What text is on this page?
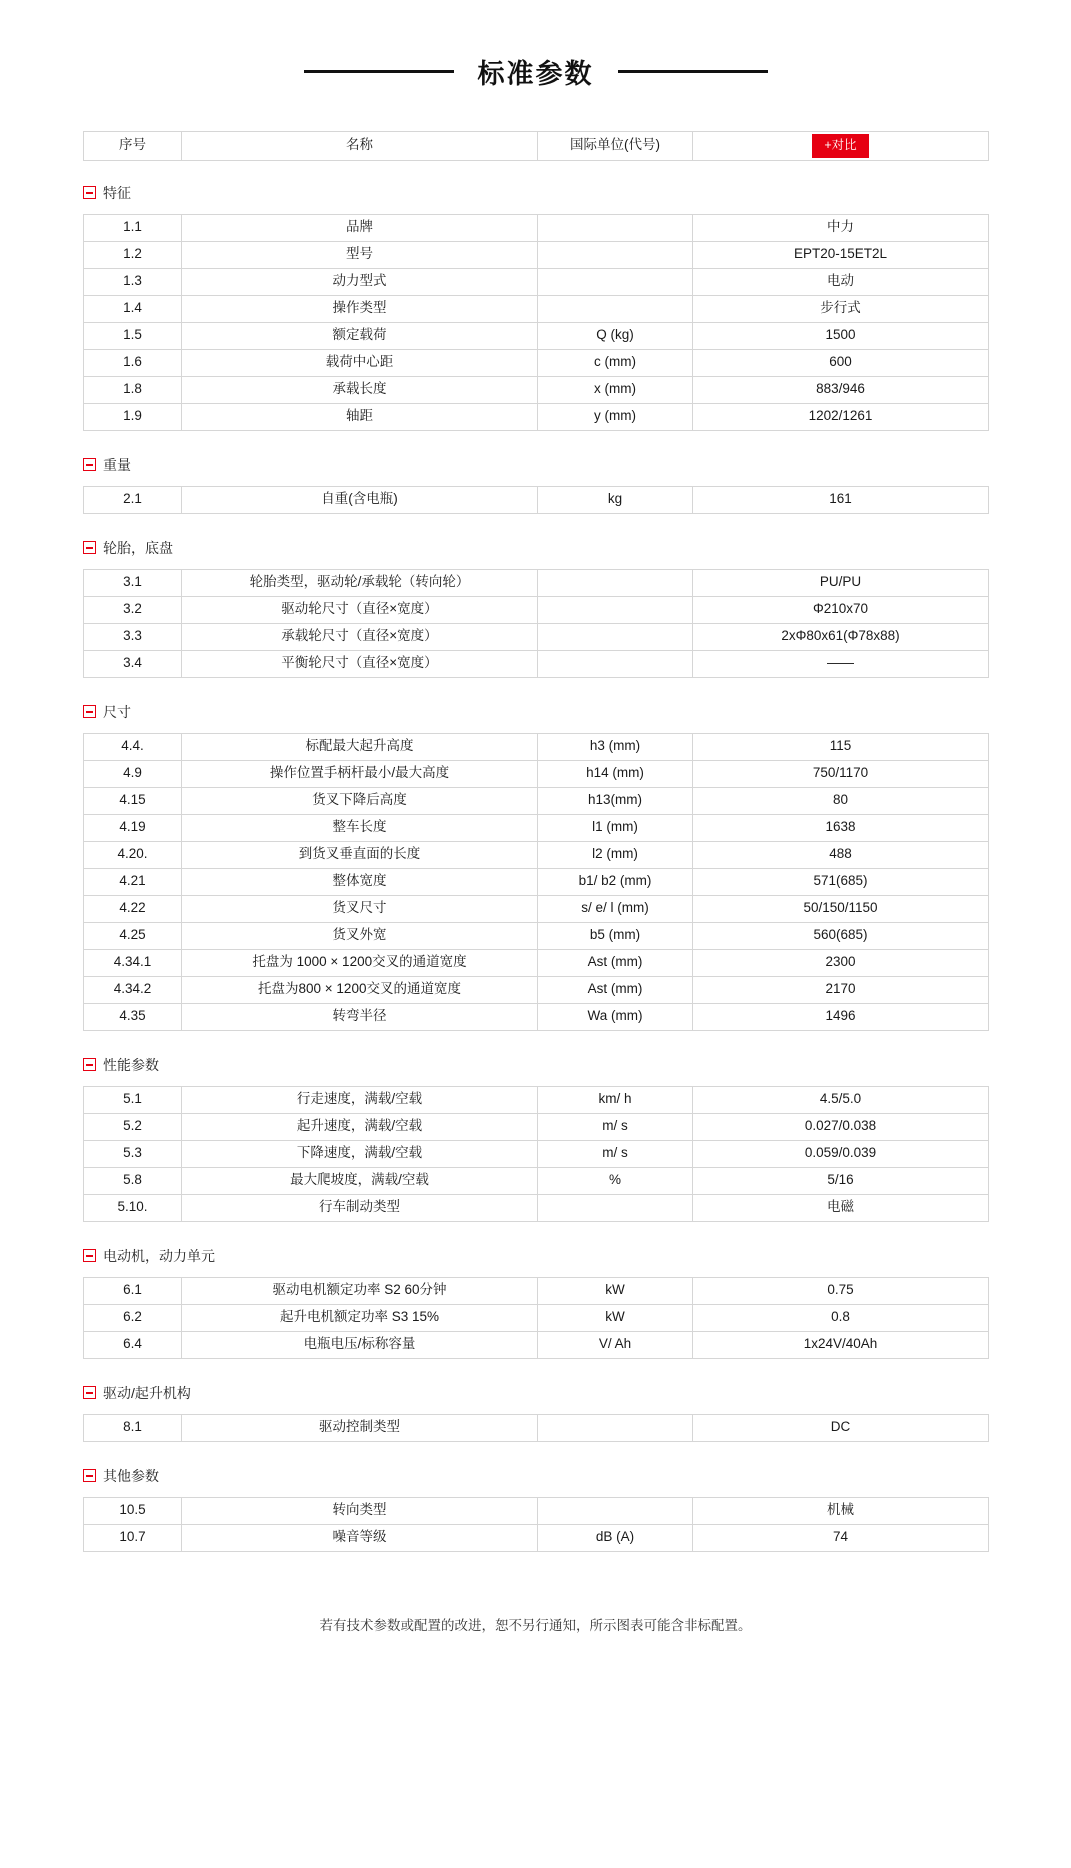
标准参数
序号	名称	国际单位(代号)	+对比
特征
1.1	品牌		中力
1.2	型号		EPT20-15ET2L
1.3	动力型式		电动
1.4	操作类型		步行式
1.5	额定载荷	Q (kg)	1500
1.6	载荷中心距	c (mm)	600
1.8	承载长度	x (mm)	883/946
1.9	轴距	y (mm)	1202/1261
重量
2.1	自重(含电瓶)	kg	161
轮胎，底盘
3.1	轮胎类型，驱动轮/承载轮（转向轮）		PU/PU
3.2	驱动轮尺寸（直径×宽度）		Φ210x70
3.3	承载轮尺寸（直径×宽度）		2xΦ80x61(Φ78x88)
3.4	平衡轮尺寸（直径×宽度）		——
尺寸
4.4.	标配最大起升高度	h3 (mm)	115
4.9	操作位置手柄杆最小/最大高度	h14 (mm)	750/1170
4.15	货叉下降后高度	h13(mm)	80
4.19	整车长度	l1 (mm)	1638
4.20.	到货叉垂直面的长度	l2 (mm)	488
4.21	整体宽度	b1/ b2 (mm)	571(685)
4.22	货叉尺寸	s/ e/ l (mm)	50/150/1150
4.25	货叉外宽	b5 (mm)	560(685)
4.34.1	托盘为 1000 × 1200交叉的通道宽度	Ast (mm)	2300
4.34.2	托盘为800 × 1200交叉的通道宽度	Ast (mm)	2170
4.35	转弯半径	Wa (mm)	1496
性能参数
5.1	行走速度，满载/空载	km/ h	4.5/5.0
5.2	起升速度，满载/空载	m/ s	0.027/0.038
5.3	下降速度，满载/空载	m/ s	0.059/0.039
5.8	最大爬坡度，满载/空载	%	5/16
5.10.	行车制动类型		电磁
电动机，动力单元
6.1	驱动电机额定功率 S2 60分钟	kW	0.75
6.2	起升电机额定功率 S3 15%	kW	0.8
6.4	电瓶电压/标称容量	V/ Ah	1x24V/40Ah
驱动/起升机构
8.1	驱动控制类型		DC
其他参数
10.5	转向类型		机械
10.7	噪音等级	dB (A)	74
若有技术参数或配置的改进，恕不另行通知，所示图表可能含非标配置。
